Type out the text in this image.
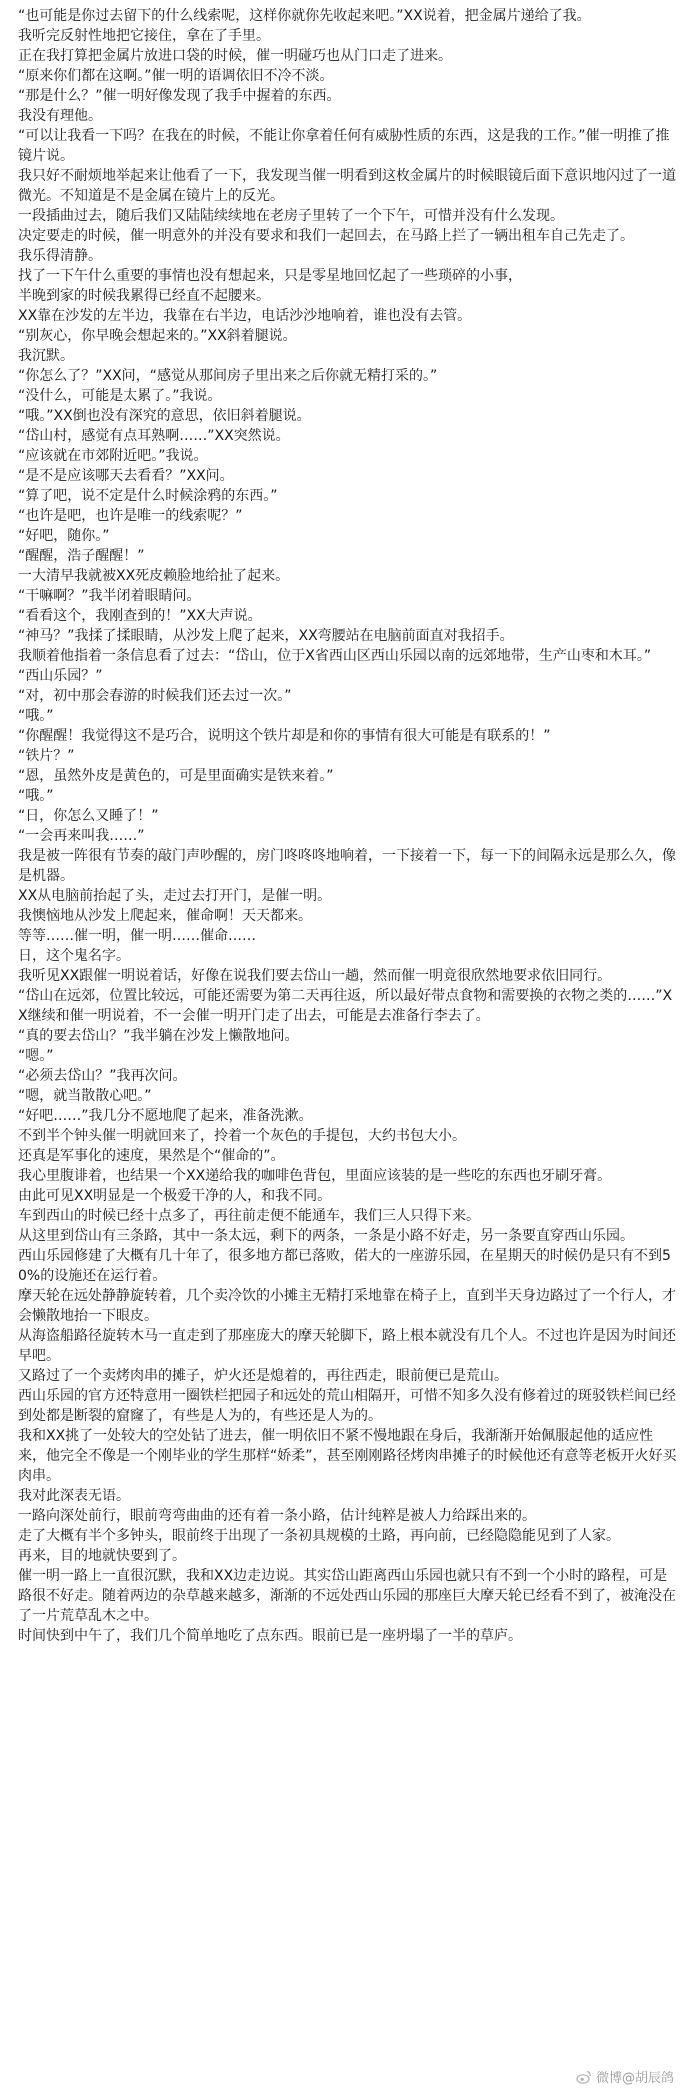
“也可能是你过去留下的什么线索呢，这样你就你先收起来吧。”XX说着，把金属片递给了我。

我听完反射性地把它接住，拿在了手里。

正在我打算把金属片放进口袋的时候，催一明碰巧也从门口走了进来。

“原来你们都在这啊。”催一明的语调依旧不冷不淡。

“那是什么？”催一明好像发现了我手中握着的东西。

我没有理他。

“可以让我看一下吗？在我在的时候，不能让你拿着任何有威胁性质的东西，这是我的工作。”催一明推了推镜片说。

我只好不耐烦地举起来让他看了一下，我发现当催一明看到这枚金属片的时候眼镜后面下意识地闪过了一道微光。不知道是不是金属在镜片上的反光。

一段插曲过去，随后我们又陆陆续续地在老房子里转了一个下午，可惜并没有什么发现。

决定要走的时候，催一明意外的并没有要求和我们一起回去，在马路上拦了一辆出租车自己先走了。

我乐得清静。

找了一下午什么重要的事情也没有想起来，只是零星地回忆起了一些琐碎的小事，

半晚到家的时候我累得已经直不起腰来。

XX靠在沙发的左半边，我靠在右半边，电话沙沙地响着，谁也没有去管。

“别灰心，你早晚会想起来的。”XX斜着腿说。

我沉默。

“你怎么了？”XX问，“感觉从那间房子里出来之后你就无精打采的。”

“没什么，可能是太累了。”我说。

“哦。”XX倒也没有深究的意思，依旧斜着腿说。

“岱山村，感觉有点耳熟啊……”XX突然说。

“应该就在市郊附近吧。”我说。

“是不是应该哪天去看看？”XX问。

“算了吧，说不定是什么时候涂鸦的东西。”

“也许是吧，也许是唯一的线索呢？”

“好吧，随你。”

“醒醒，浩子醒醒！”

一大清早我就被XX死皮赖脸地给扯了起来。

“干嘛啊？”我半闭着眼睛问。

“看看这个，我刚查到的！”XX大声说。

“神马？”我揉了揉眼睛，从沙发上爬了起来，XX弯腰站在电脑前面直对我招手。

我顺着他指着一条信息看了过去：“岱山，位于X省西山区西山乐园以南的远郊地带，生产山枣和木耳。”

“西山乐园？”

“对，初中那会春游的时候我们还去过一次。”

“哦。”

“你醒醒！我觉得这不是巧合，说明这个铁片却是和你的事情有很大可能是有联系的！”

“铁片？”

“恩，虽然外皮是黄色的，可是里面确实是铁来着。”

“哦。”

“日，你怎么又睡了！”

“一会再来叫我……”

我是被一阵很有节奏的敲门声吵醒的，房门咚咚咚地响着，一下接着一下，每一下的间隔永远是那么久，像是机器。

XX从电脑前抬起了头，走过去打开门，是催一明。

我懊恼地从沙发上爬起来，催命啊！天天都来。

等等……催一明，催一明……催命……

日，这个鬼名字。

我听见XX跟催一明说着话，好像在说我们要去岱山一趟，然而催一明竟很欣然地要求依旧同行。

“岱山在远郊，位置比较远，可能还需要为第二天再往返，所以最好带点食物和需要换的衣物之类的……”XX继续和催一明说着，不一会催一明开门走了出去，可能是去准备行李去了。

“真的要去岱山？”我半躺在沙发上懒散地问。

“嗯。”

“必须去岱山？”我再次问。

“嗯，就当散散心吧。”

“好吧……”我几分不愿地爬了起来，准备洗漱。

不到半个钟头催一明就回来了，拎着一个灰色的手提包，大约书包大小。

还真是军事化的速度，果然是个“催命的”。

我心里腹诽着，也结果一个XX递给我的咖啡色背包，里面应该装的是一些吃的东西也牙刷牙膏。

由此可见XX明显是一个极爱干净的人，和我不同。

车到西山的时候已经十点多了，再往前走便不能通车，我们三人只得下来。

从这里到岱山有三条路，其中一条太远，剩下的两条，一条是小路不好走，另一条要直穿西山乐园。

西山乐园修建了大概有几十年了，很多地方都已落败，偌大的一座游乐园，在星期天的时候仍是只有不到50%的设施还在运行着。

摩天轮在远处静静旋转着，几个卖冷饮的小摊主无精打采地靠在椅子上，直到半天身边路过了一个行人，才会懒散地抬一下眼皮。

从海盗船路径旋转木马一直走到了那座庞大的摩天轮脚下，路上根本就没有几个人。不过也许是因为时间还早吧。

又路过了一个卖烤肉串的摊子，炉火还是熄着的，再往西走，眼前便已是荒山。

西山乐园的官方还特意用一圈铁栏把园子和远处的荒山相隔开，可惜不知多久没有修着过的斑驳铁栏间已经到处都是断裂的窟窿了，有些是人为的，有些还是人为的。

我和XX挑了一处较大的空处钻了进去，催一明依旧不紧不慢地跟在身后，我渐渐开始佩服起他的适应性来，他完全不像是一个刚毕业的学生那样“娇柔”，甚至刚刚路径烤肉串摊子的时候他还有意等老板开火好买肉串。

我对此深表无语。

一路向深处前行，眼前弯弯曲曲的还有着一条小路，估计纯粹是被人力给踩出来的。

走了大概有半个多钟头，眼前终于出现了一条初具规模的土路，再向前，已经隐隐能见到了人家。

再来，目的地就快要到了。

催一明一路上一直很沉默，我和XX边走边说。其实岱山距离西山乐园也就只有不到一个小时的路程，可是路很不好走。随着两边的杂草越来越多，渐渐的不远处西山乐园的那座巨大摩天轮已经看不到了，被淹没在了一片荒草乱木之中。

时间快到中午了，我们几个简单地吃了点东西。眼前已是一座坍塌了一半的草庐。

微博@胡辰鸽
